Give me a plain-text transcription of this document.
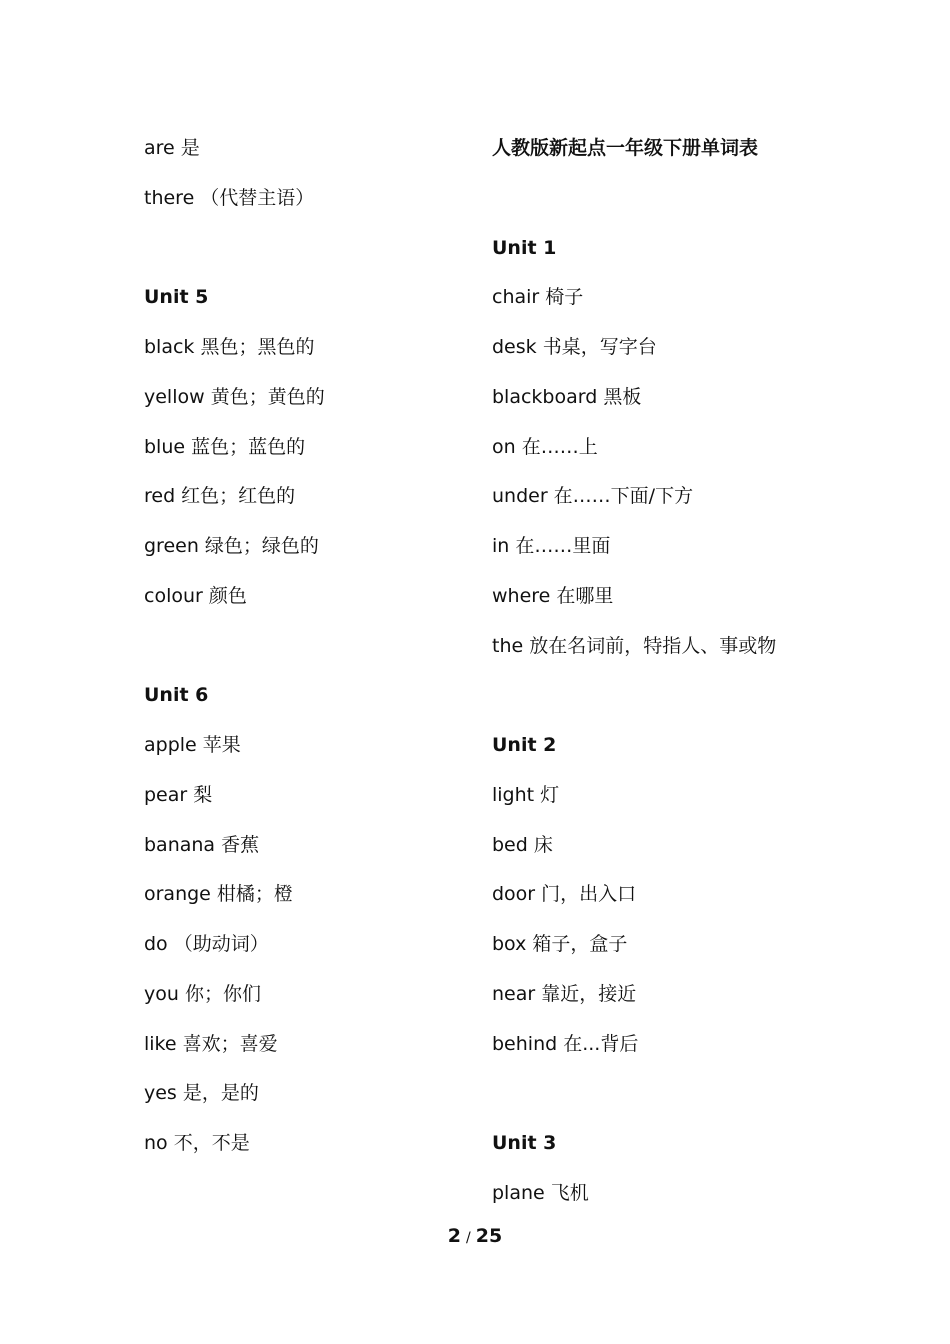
are 是
there （代替主语）
Unit 5
black 黑色；黑色的
yellow 黄色；黄色的
blue 蓝色；蓝色的
red 红色；红色的
green 绿色；绿色的
colour 颜色
Unit 6
apple 苹果
pear 梨
banana 香蕉
orange 柑橘；橙
do （助动词）
you 你；你们
like 喜欢；喜爱
yes 是，是的
no 不，不是
人教版新起点一年级下册单词表
Unit 1
chair 椅子
desk 书桌，写字台
blackboard 黑板
on 在……上
under 在……下面/下方
in 在……里面
where 在哪里
the 放在名词前，特指人、事或物
Unit 2
light 灯
bed 床
door 门，出入口
box 箱子，盒子
near 靠近，接近
behind 在...背后
Unit 3
plane 飞机
2 / 25
